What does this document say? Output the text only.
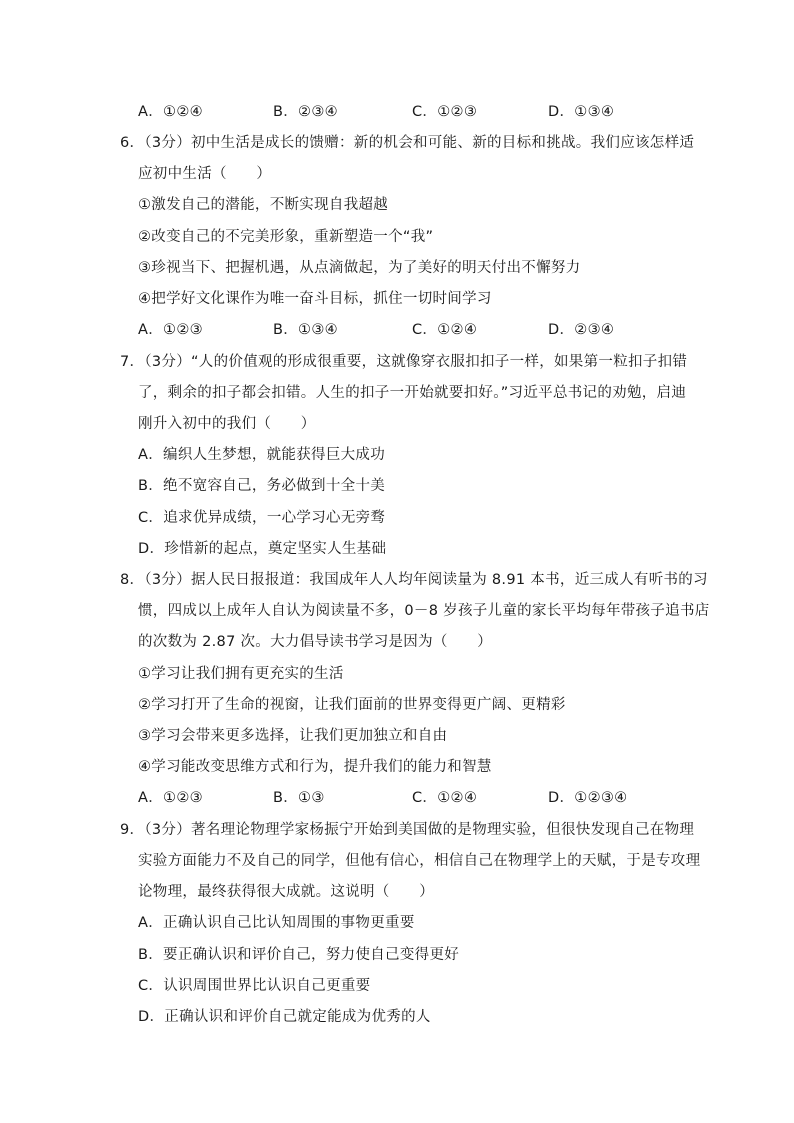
A．①②④	B．②③④	C．①②③	D．①③④
6．（3分）初中生活是成长的馈赠：新的机会和可能、新的目标和挑战。我们应该怎样适
应初中生活（　　）
①激发自己的潜能，不断实现自我超越
②改变自己的不完美形象，重新塑造一个“我”
③珍视当下、把握机遇，从点滴做起，为了美好的明天付出不懈努力
④把学好文化课作为唯一奋斗目标，抓住一切时间学习
A．①②③	B．①③④	C．①②④	D．②③④
7．（3分）“人的价值观的形成很重要，这就像穿衣服扣扣子一样，如果第一粒扣子扣错
了，剩余的扣子都会扣错。人生的扣子一开始就要扣好。”习近平总书记的劝勉，启迪
刚升入初中的我们（　　）
A．编织人生梦想，就能获得巨大成功
B．绝不宽容自己，务必做到十全十美
C．追求优异成绩，一心学习心无旁骛
D．珍惜新的起点，奠定坚实人生基础
8．（3分）据人民日报报道：我国成年人人均年阅读量为 8.91 本书，近三成人有听书的习
惯，四成以上成年人自认为阅读量不多，0－8 岁孩子儿童的家长平均每年带孩子追书店
的次数为 2.87 次。大力倡导读书学习是因为（　　）
①学习让我们拥有更充实的生活
②学习打开了生命的视窗，让我们面前的世界变得更广阔、更精彩
③学习会带来更多选择，让我们更加独立和自由
④学习能改变思维方式和行为，提升我们的能力和智慧
A．①②③	B．①③	C．①②④	D．①②③④
9．（3分）著名理论物理学家杨振宁开始到美国做的是物理实验，但很快发现自己在物理
实验方面能力不及自己的同学，但他有信心，相信自己在物理学上的天赋，于是专攻理
论物理，最终获得很大成就。这说明（　　）
A．正确认识自己比认知周围的事物更重要
B．要正确认识和评价自己，努力使自己变得更好
C．认识周围世界比认识自己更重要
D．正确认识和评价自己就定能成为优秀的人
